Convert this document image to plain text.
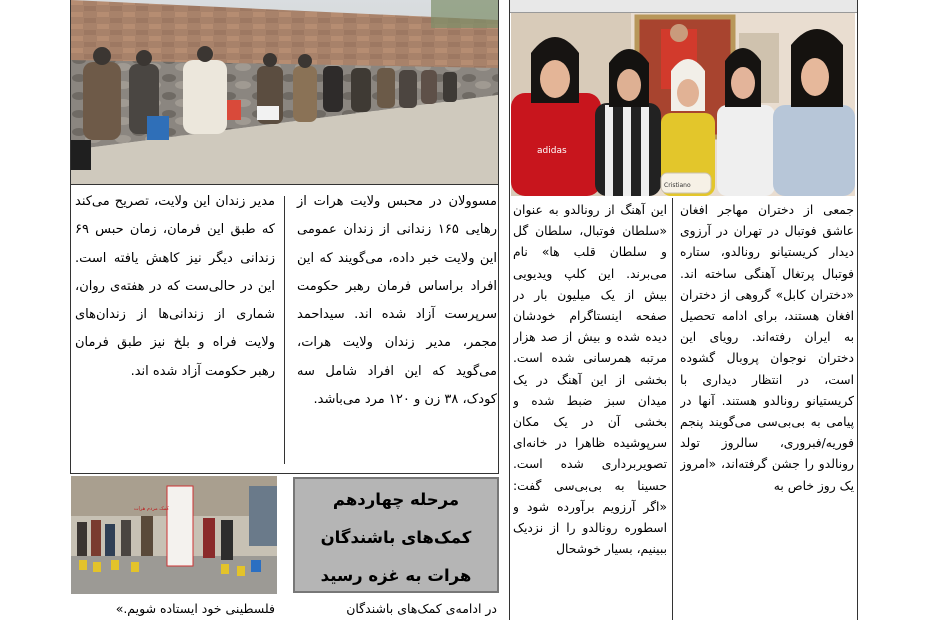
adidas
Cristiano

مسوولان در محبس ولایت هرات از رهایی ۱۶۵ زندانی از زندان عمومی این ولایت خبر داده، می‌گویند که این افراد براساس فرمان رهبر حکومت سرپرست آزاد شده اند. سیداحمد مجمر، مدیر زندان ولایت هرات، می‌گوید که این افراد شامل سه کودک، ۳۸ زن و ۱۲۰ مرد می‌باشد.

مدیر زندان این ولایت، تصریح می‌کند که طبق این فرمان، زمان حبس ۶۹ زندانی دیگر نیز کاهش یافته است. این در حالی‌ست که در هفته‌ی روان، شماری از زندانی‌ها از زندان‌های ولایت فراه و بلخ نیز طبق فرمان رهبر حکومت آزاد شده اند.

کمک مردم هرات	مرحله چهاردهم
کمک‌های باشندگان
هرات به غزه رسید

در ادامه‌ی کمک‌های باشندگان

فلسطینی خود ایستاده شویم.»

جمعی از دختران مهاجر افغان عاشق فوتبال در تهران در آرزوی دیدار کریستیانو رونالدو، ستاره فوتبال پرتغال آهنگی ساخته اند. «دختران کابل» گروهی از دختران افغان هستند، برای ادامه تحصیل به ایران رفته‌اند. رویای این دختران نوجوان پروبال گشوده است، در انتظار دیداری با کریستیانو رونالدو هستند. آنها در پیامی به بی‌بی‌سی می‌گویند پنجم فوریه/فبروری، سالروز تولد رونالدو را جشن گرفته‌اند، «امروز یک روز خاص به

این آهنگ از رونالدو به عنوان «سلطان فوتبال، سلطان گل و سلطان قلب ها» نام می‌برند. این کلپ ویدیویی بیش از یک میلیون بار در صفحه اینستاگرام خودشان دیده شده و بیش از صد هزار مرتبه همرسانی شده است. بخشی از این آهنگ در یک میدان سبز ضبط شده و بخشی آن در یک مکان سرپوشیده ظاهرا در خانه‌ای تصویربرداری شده است. حسینا به بی‌بی‌سی گفت: «اگر آرزویم برآورده شود و اسطوره رونالدو را از نزدیک ببینیم، بسیار خوشحال
